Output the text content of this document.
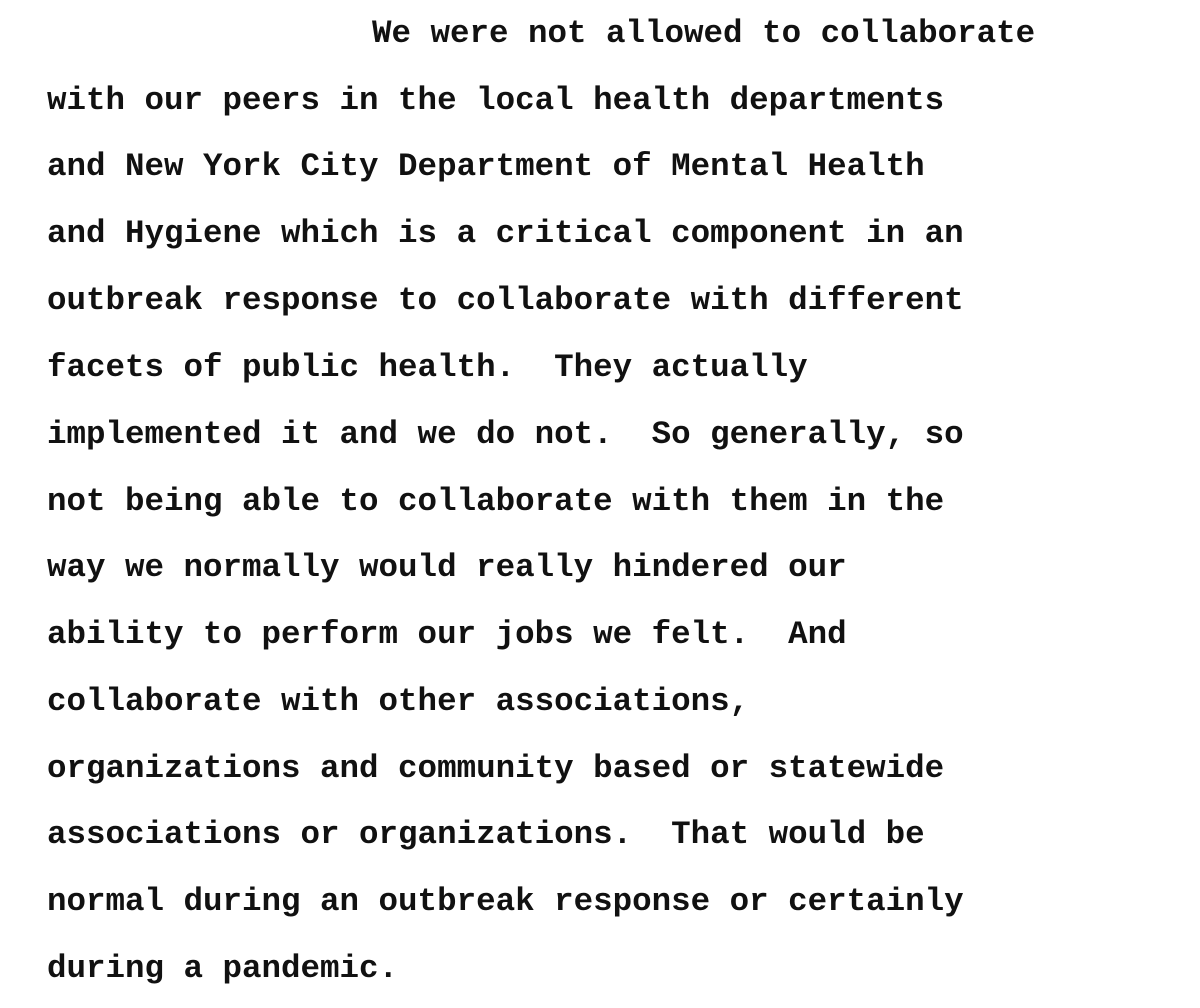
We were not allowed to collaborate
with our peers in the local health departments
and New York City Department of Mental Health
and Hygiene which is a critical component in an
outbreak response to collaborate with different
facets of public health.  They actually
implemented it and we do not.  So generally, so
not being able to collaborate with them in the
way we normally would really hindered our
ability to perform our jobs we felt.  And
collaborate with other associations,
organizations and community based or statewide
associations or organizations.  That would be
normal during an outbreak response or certainly
during a pandemic.
